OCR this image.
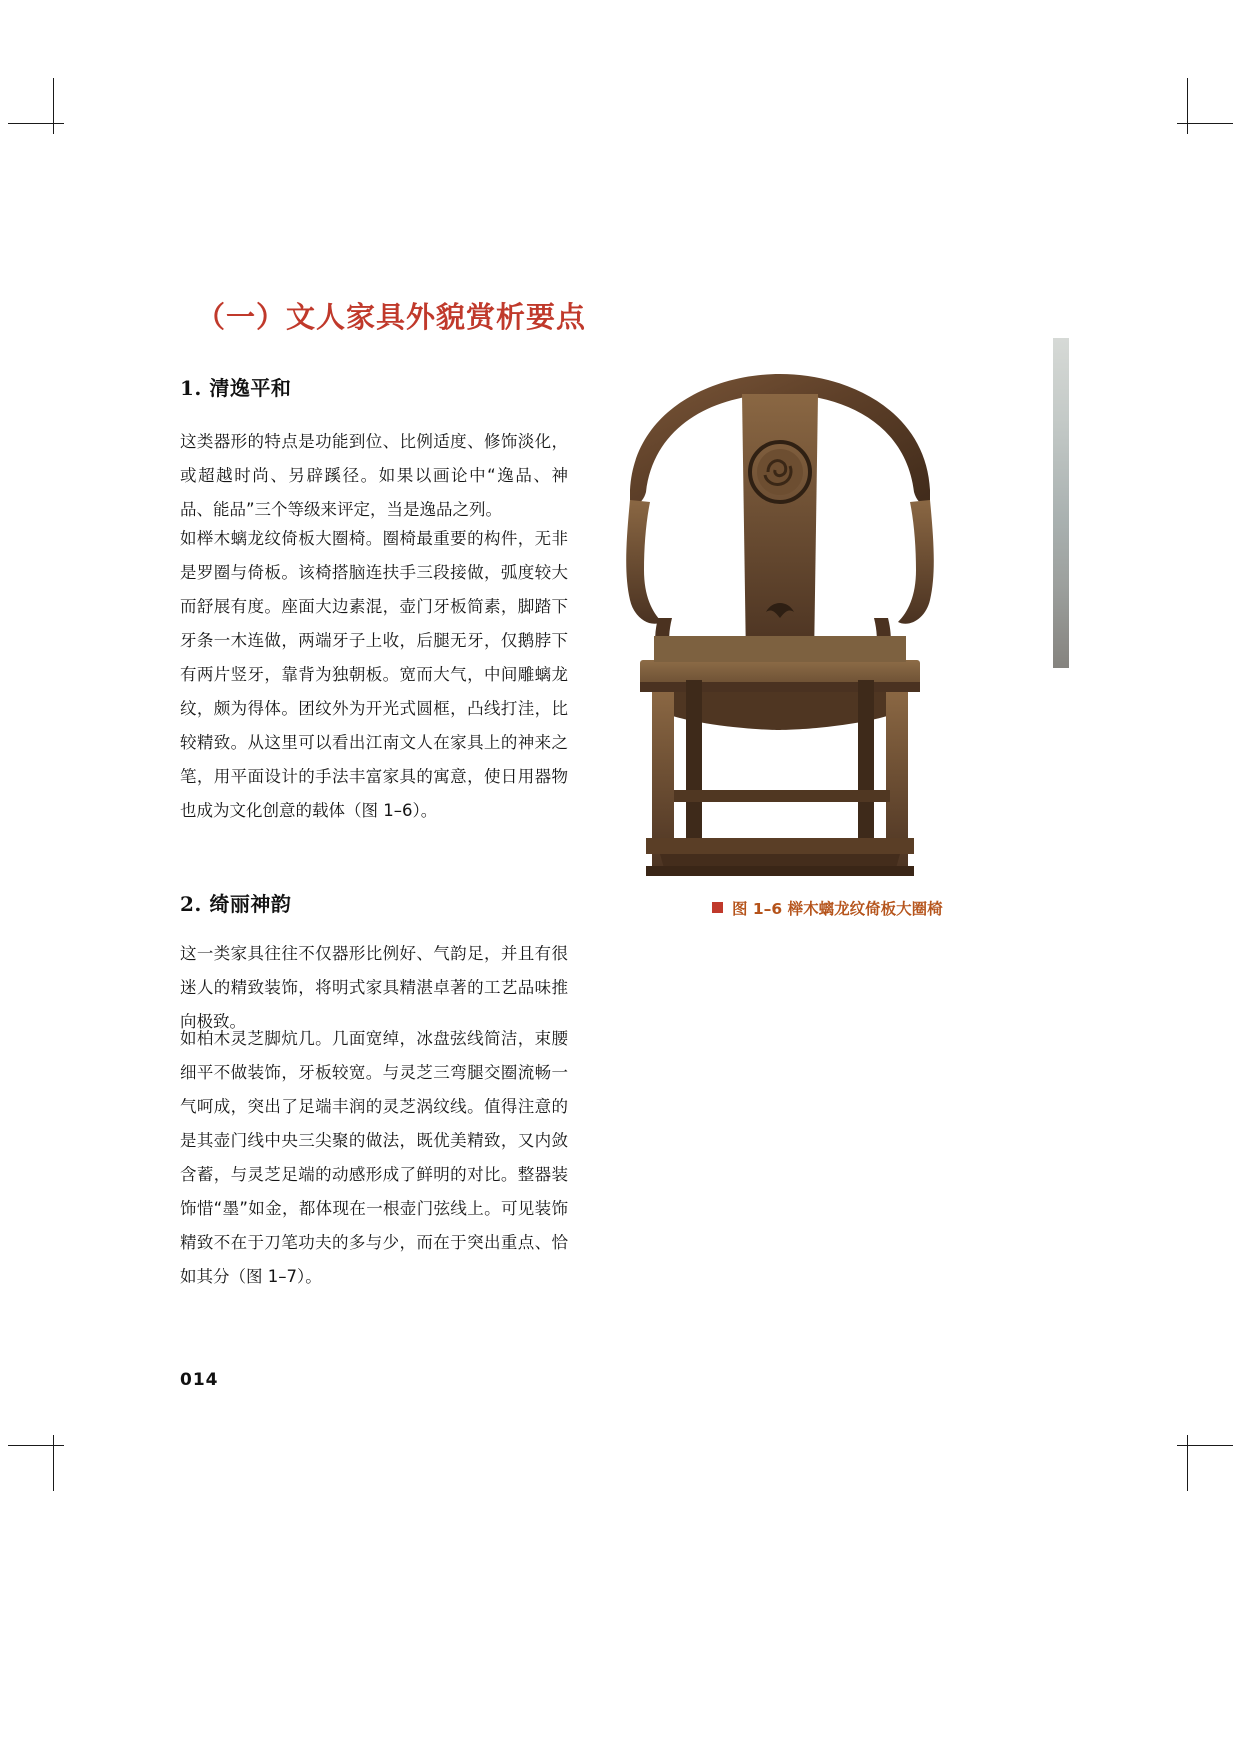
（一）文人家具外貌赏析要点
1. 清逸平和
这类器形的特点是功能到位、比例适度、修饰淡化，或超越时尚、另辟蹊径。如果以画论中“逸品、神品、能品”三个等级来评定，当是逸品之列。
如榉木螭龙纹倚板大圈椅。圈椅最重要的构件，无非是罗圈与倚板。该椅搭脑连扶手三段接做，弧度较大而舒展有度。座面大边素混，壶门牙板简素，脚踏下牙条一木连做，两端牙子上收，后腿无牙，仅鹅脖下有两片竖牙，靠背为独朝板。宽而大气，中间雕螭龙纹，颇为得体。团纹外为开光式圆框，凸线打洼，比较精致。从这里可以看出江南文人在家具上的神来之笔，用平面设计的手法丰富家具的寓意，使日用器物也成为文化创意的载体（图 1–6）。
2. 绮丽神韵
这一类家具往往不仅器形比例好、气韵足，并且有很迷人的精致装饰，将明式家具精湛卓著的工艺品味推向极致。
如柏木灵芝脚炕几。几面宽绰，冰盘弦线简洁，束腰细平不做装饰，牙板较宽。与灵芝三弯腿交圈流畅一气呵成，突出了足端丰润的灵芝涡纹线。值得注意的是其壶门线中央三尖聚的做法，既优美精致，又内敛含蓄，与灵芝足端的动感形成了鲜明的对比。整器装饰惜“墨”如金，都体现在一根壶门弦线上。可见装饰精致不在于刀笔功夫的多与少，而在于突出重点、恰如其分（图 1–7）。
图 1–6 榉木螭龙纹倚板大圈椅
014
